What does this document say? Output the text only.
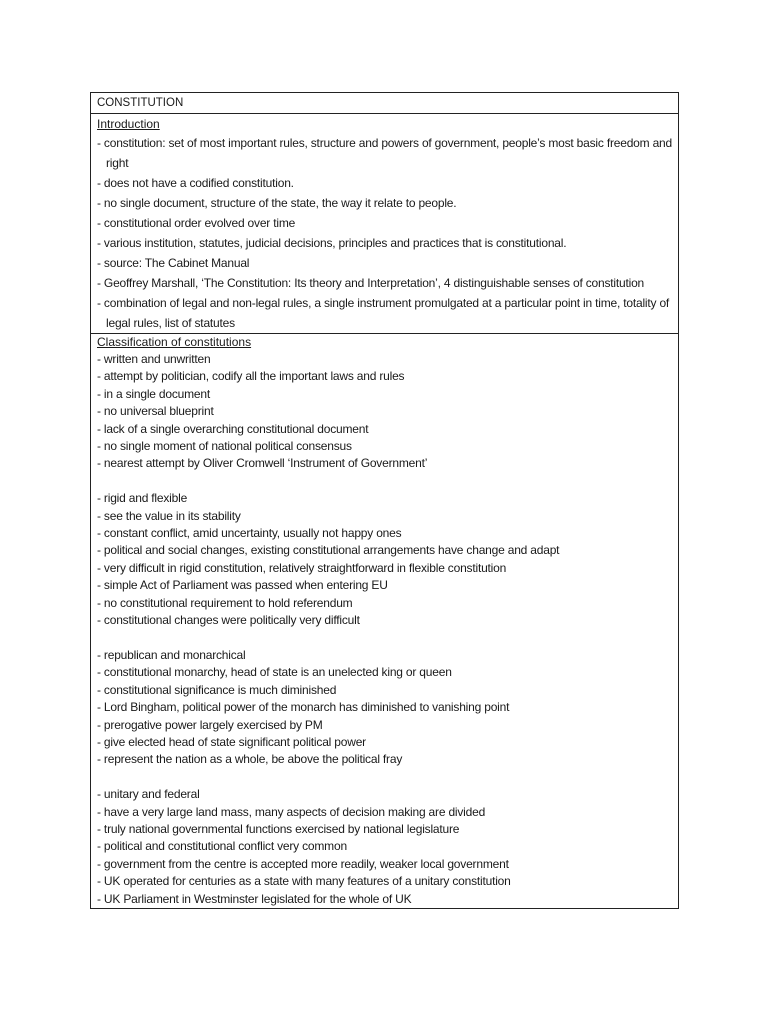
CONSTITUTION

Introduction
- constitution: set of most important rules, structure and powers of government, people’s most basic freedom and right
- does not have a codified constitution.
- no single document, structure of the state, the way it relate to people.
- constitutional order evolved over time
- various institution, statutes, judicial decisions, principles and practices that is constitutional.
- source: The Cabinet Manual
- Geoffrey Marshall, ‘The Constitution: Its theory and Interpretation’, 4 distinguishable senses of constitution
- combination of legal and non-legal rules, a single instrument promulgated at a particular point in time, totality of legal rules, list of statutes

Classification of constitutions
- written and unwritten
- attempt by politician, codify all the important laws and rules
- in a single document
- no universal blueprint
- lack of a single overarching constitutional document
- no single moment of national political consensus
- nearest attempt by Oliver Cromwell ‘Instrument of Government’
- rigid and flexible
- see the value in its stability
- constant conflict, amid uncertainty, usually not happy ones
- political and social changes, existing constitutional arrangements have change and adapt
- very difficult in rigid constitution, relatively straightforward in flexible constitution
- simple Act of Parliament was passed when entering EU
- no constitutional requirement to hold referendum
- constitutional changes were politically very difficult
- republican and monarchical
- constitutional monarchy, head of state is an unelected king or queen
- constitutional significance is much diminished
- Lord Bingham, political power of the monarch has diminished to vanishing point
- prerogative power largely exercised by PM
- give elected head of state significant political power
- represent the nation as a whole, be above the political fray
- unitary and federal
- have a very large land mass, many aspects of decision making are divided
- truly national governmental functions exercised by national legislature
- political and constitutional conflict very common
- government from the centre is accepted more readily, weaker local government
- UK operated for centuries as a state with many features of a unitary constitution
- UK Parliament in Westminster legislated for the whole of UK
